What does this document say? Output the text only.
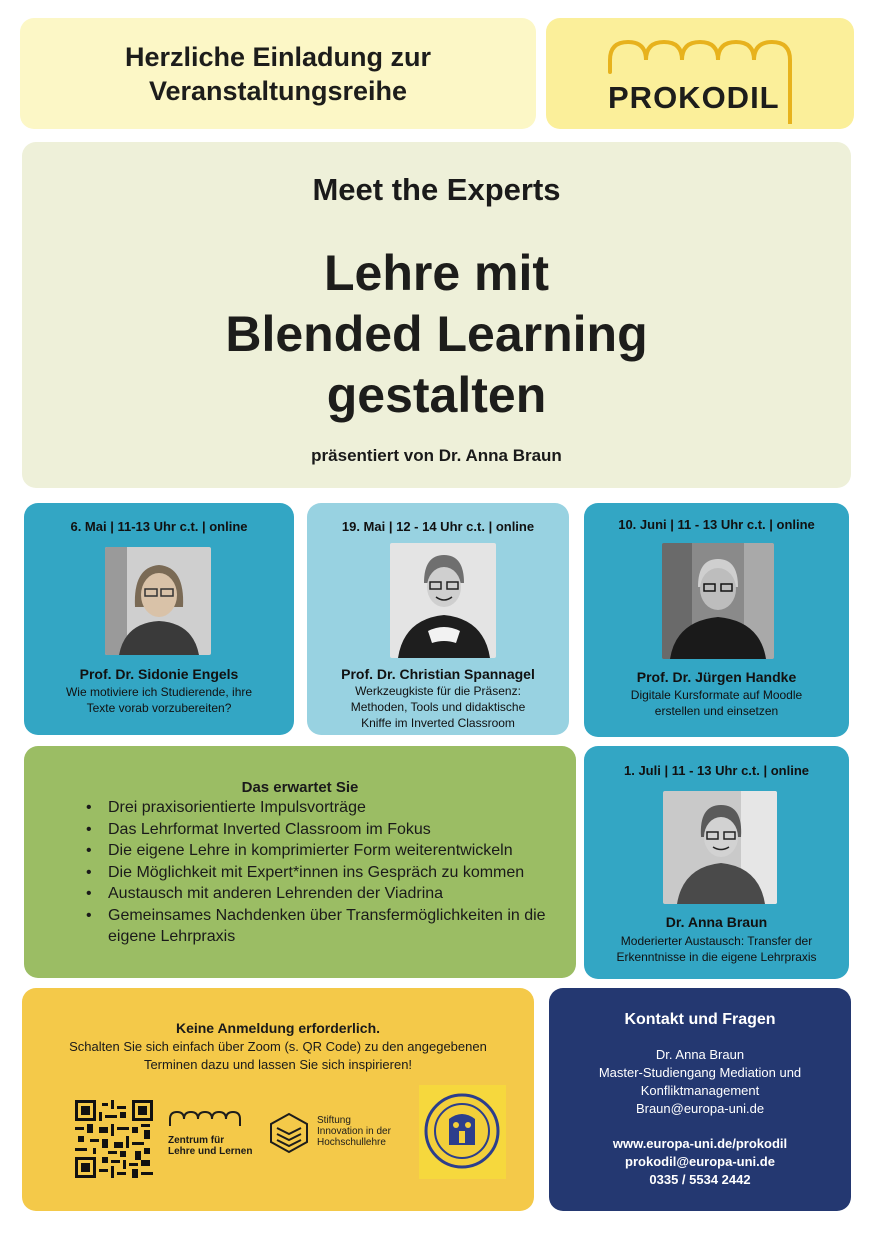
Herzliche Einladung zur
Veranstaltungsreihe	PROKODIL
Meet the Experts
Lehre mit
Blended Learning
gestalten
präsentiert von Dr. Anna Braun
6. Mai | 11-13 Uhr c.t. | online
Prof. Dr. Sidonie Engels
Wie motiviere ich Studierende, ihre
Texte vorab vorzubereiten?
19. Mai | 12 - 14 Uhr c.t. | online
Prof. Dr. Christian Spannagel
Werkzeugkiste für die Präsenz:
Methoden, Tools und didaktische
Kniffe im Inverted Classroom
10. Juni | 11 - 13 Uhr c.t. | online
Prof. Dr. Jürgen Handke
Digitale Kursformate auf Moodle
erstellen und einsetzen
Das erwartet Sie
• Drei praxisorientierte Impulsvorträge
• Das Lehrformat Inverted Classroom im Fokus
• Die eigene Lehre in komprimierter Form weiterentwickeln
• Die Möglichkeit mit Expert*innen ins Gespräch zu kommen
• Austausch mit anderen Lehrenden der Viadrina
• Gemeinsames Nachdenken über Transfermöglichkeiten in die eigene Lehrpraxis
1. Juli | 11 - 13 Uhr c.t. | online
Dr. Anna Braun
Moderierter Austausch: Transfer der
Erkenntnisse in die eigene Lehrpraxis
Keine Anmeldung erforderlich.
Schalten Sie sich einfach über Zoom (s. QR Code) zu den angegebenen Terminen dazu und lassen Sie sich inspirieren!
Zentrum für
Lehre und Lernen
Stiftung
Innovation in der
Hochschullehre
Kontakt und Fragen
Dr. Anna Braun
Master-Studiengang Mediation und
Konfliktmanagement
Braun@europa-uni.de
www.europa-uni.de/prokodil
prokodil@europa-uni.de
0335 / 5534 2442
